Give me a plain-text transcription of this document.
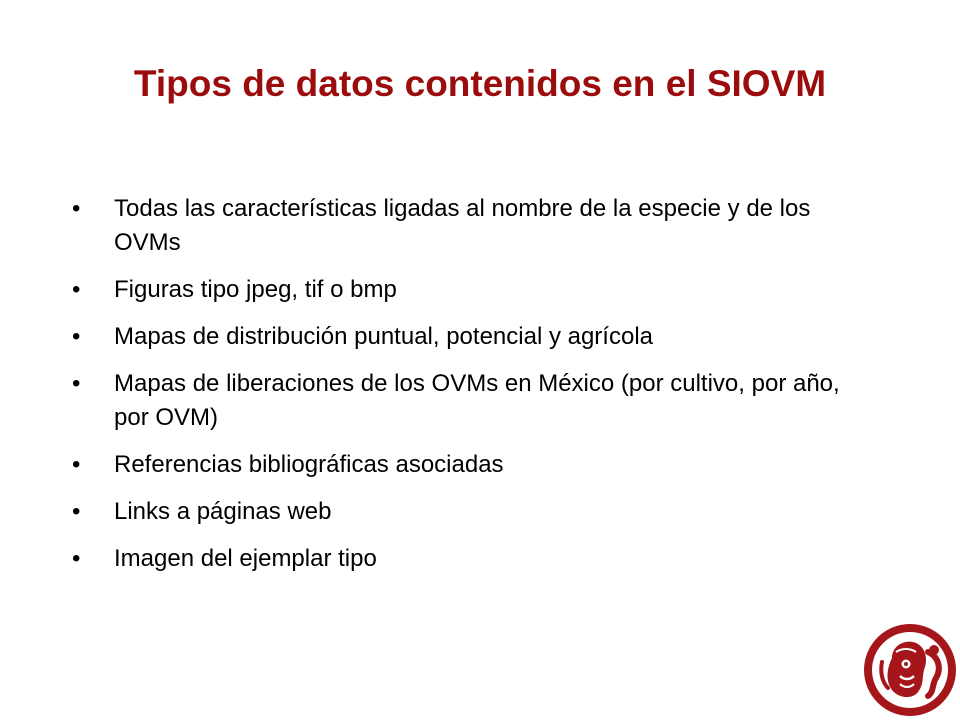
Tipos de datos contenidos en el SIOVM
• Todas las características ligadas al nombre de la especie y de los OVMs
• Figuras tipo jpeg, tif o bmp
• Mapas de distribución puntual, potencial y agrícola
• Mapas de liberaciones de los OVMs en México (por cultivo, por año, por OVM)
• Referencias bibliográficas asociadas
• Links a páginas web
• Imagen del ejemplar tipo
